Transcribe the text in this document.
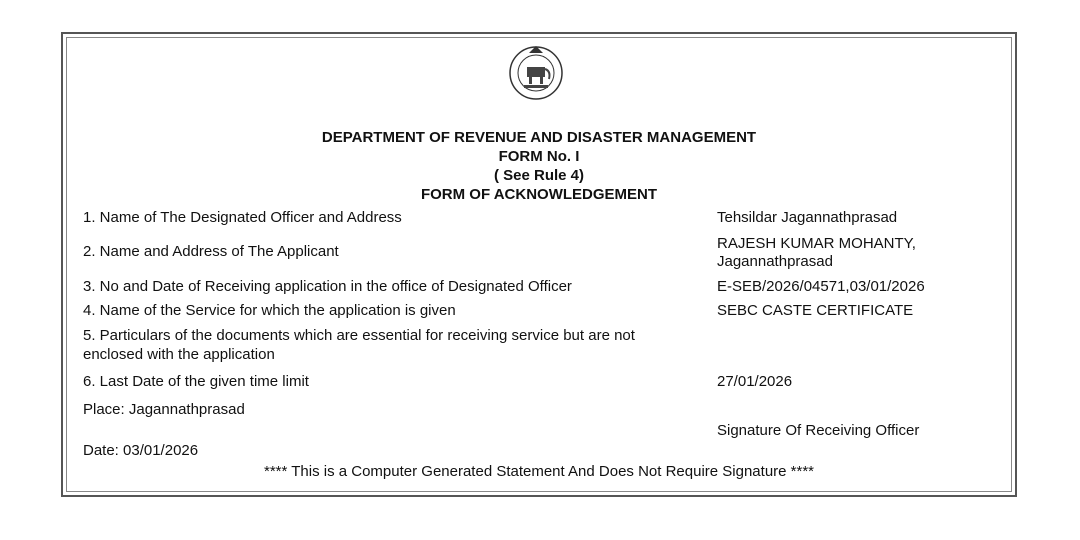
DEPARTMENT OF REVENUE AND DISASTER MANAGEMENT
FORM No. I
( See Rule 4)
FORM OF ACKNOWLEDGEMENT
1. Name of The Designated Officer and Address	Tehsildar Jagannathprasad
2. Name and Address of The Applicant	RAJESH KUMAR MOHANTY,
Jagannathprasad
3. No and Date of Receiving application in the office of Designated Officer	E-SEB/2026/04571,03/01/2026
4. Name of the Service for which the application is given	SEBC CASTE CERTIFICATE
5. Particulars of the documents which are essential for receiving service but are not
enclosed with the application
6. Last Date of the given time limit	27/01/2026
Place: Jagannathprasad
Signature Of Receiving Officer
Date: 03/01/2026
**** This is a Computer Generated Statement And Does Not Require Signature ****
